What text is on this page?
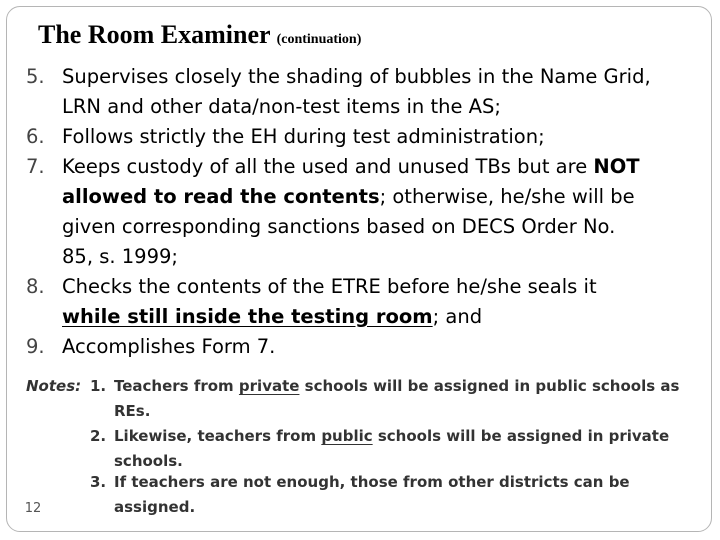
The Room Examiner (continuation)
5. Supervises closely the shading of bubbles in the Name Grid,
LRN and other data/non-test items in the AS;
6. Follows strictly the EH during test administration;
7. Keeps custody of all the used and unused TBs but are NOT
allowed to read the contents; otherwise, he/she will be
given corresponding sanctions based on DECS Order No.
85, s. 1999;
8. Checks the contents of the ETRE before he/she seals it
while still inside the testing room; and
9. Accomplishes Form 7.
Notes: 1. Teachers from private schools will be assigned in public schools as
REs.
2. Likewise, teachers from public schools will be assigned in private
schools.
3. If teachers are not enough, those from other districts can be
assigned.
12
